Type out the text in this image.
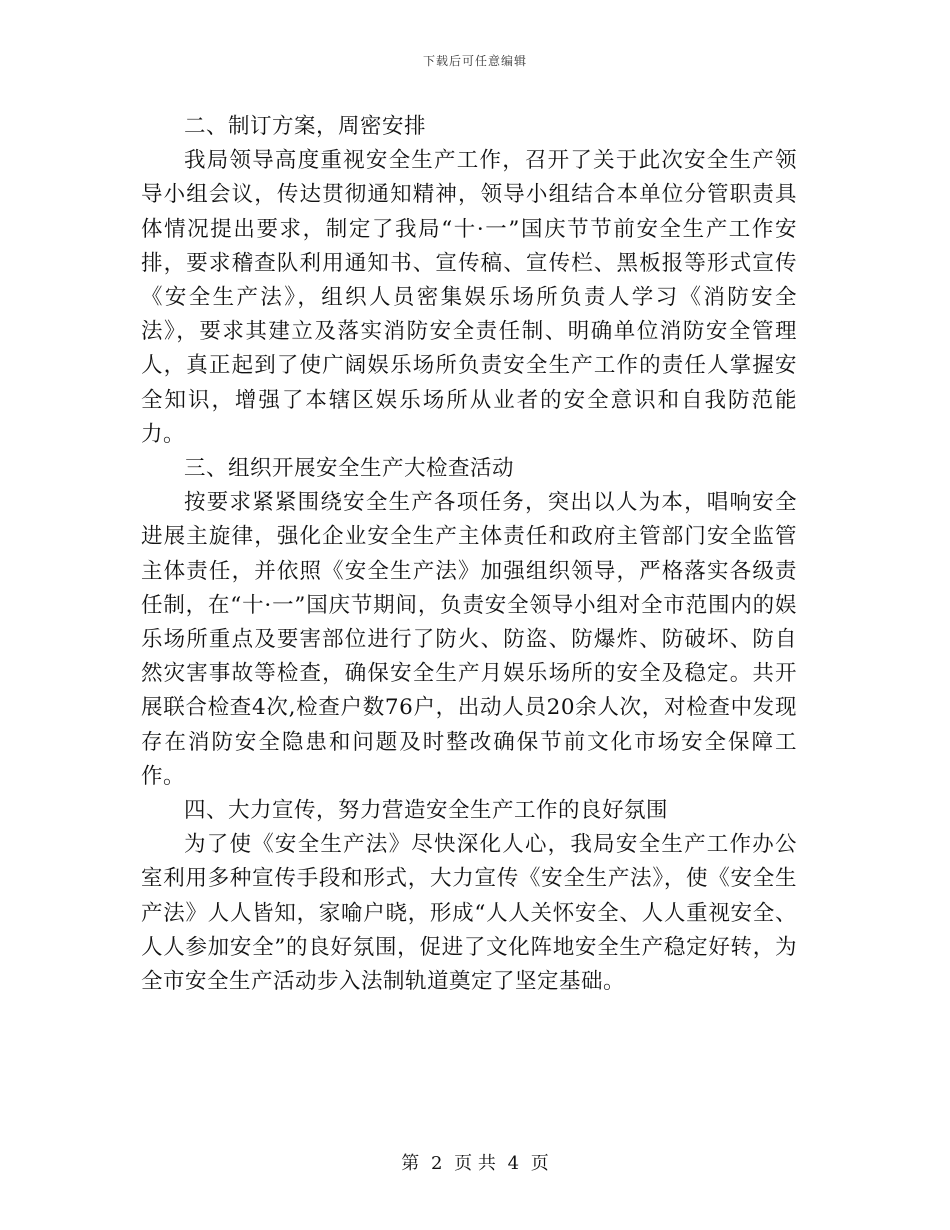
下载后可任意编辑

二、制订方案，周密安排

我局领导高度重视安全生产工作，召开了关于此次安全生产领导小组会议，传达贯彻通知精神，领导小组结合本单位分管职责具体情况提出要求，制定了我局“十·一”国庆节节前安全生产工作安排，要求稽查队利用通知书、宣传稿、宣传栏、黑板报等形式宣传《安全生产法》，组织人员密集娱乐场所负责人学习《消防安全法》，要求其建立及落实消防安全责任制、明确单位消防安全管理人，真正起到了使广阔娱乐场所负责安全生产工作的责任人掌握安全知识，增强了本辖区娱乐场所从业者的安全意识和自我防范能力。

三、组织开展安全生产大检查活动

按要求紧紧围绕安全生产各项任务，突出以人为本，唱响安全进展主旋律，强化企业安全生产主体责任和政府主管部门安全监管主体责任，并依照《安全生产法》加强组织领导，严格落实各级责任制，在“十·一”国庆节期间，负责安全领导小组对全市范围内的娱乐场所重点及要害部位进行了防火、防盗、防爆炸、防破坏、防自然灾害事故等检查，确保安全生产月娱乐场所的安全及稳定。共开展联合检查4次,检查户数76户，出动人员20余人次，对检查中发现存在消防安全隐患和问题及时整改确保节前文化市场安全保障工作。

四、大力宣传，努力营造安全生产工作的良好氛围

为了使《安全生产法》尽快深化人心，我局安全生产工作办公室利用多种宣传手段和形式，大力宣传《安全生产法》，使《安全生产法》人人皆知，家喻户晓，形成“人人关怀安全、人人重视安全、人人参加安全”的良好氛围，促进了文化阵地安全生产稳定好转，为全市安全生产活动步入法制轨道奠定了坚定基础。

第 2 页 共 4 页
